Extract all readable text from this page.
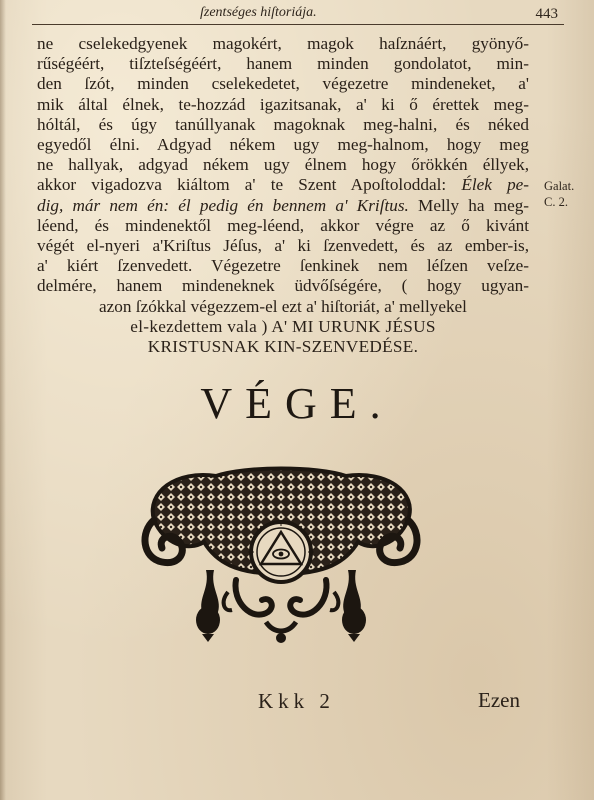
ſzentséges hiſtoriája.	443
ne cselekedgyenek magokért, magok haſznáért, gyönyő-
rűségéért, tiſzteſségéért, hanem minden gondolatot, min-
den ſzót, minden cselekedetet, végezetre mindeneket, a'
mik által élnek, te-hozzád igazitsanak, a' ki ő érettek meg-
hóltál, és úgy tanúllyanak magoknak meg-halni, és néked
egyedől élni. Adgyad nékem ugy meg-halnom, hogy meg
ne hallyak, adgyad nékem ugy élnem hogy őrökkén éllyek,
akkor vigadozva kiáltom a' te Szent Apoſtoloddal: Élek pe-
dig, már nem én: él pedig én bennem a' Kriſtus. Melly ha meg-
léend, és mindenektől meg-léend, akkor végre az ő kivánt
végét el-nyeri a'Kriſtus Jéſus, a' ki ſzenvedett, és az ember-is,
a' kiért ſzenvedett. Végezetre ſenkinek nem léſzen veſze-
delmére, hanem mindeneknek üdvőſségére, ( hogy ugyan-
azon ſzókkal végezzem-el ezt a' hiſtoriát, a' mellyekel
el-kezdettem vala ) A' MI URUNK JÉSUS
KRISTUSNAK KIN-SZENVEDÉSE.
Galat.
C. 2.
VÉGE.
Kkk 2	Ezen
